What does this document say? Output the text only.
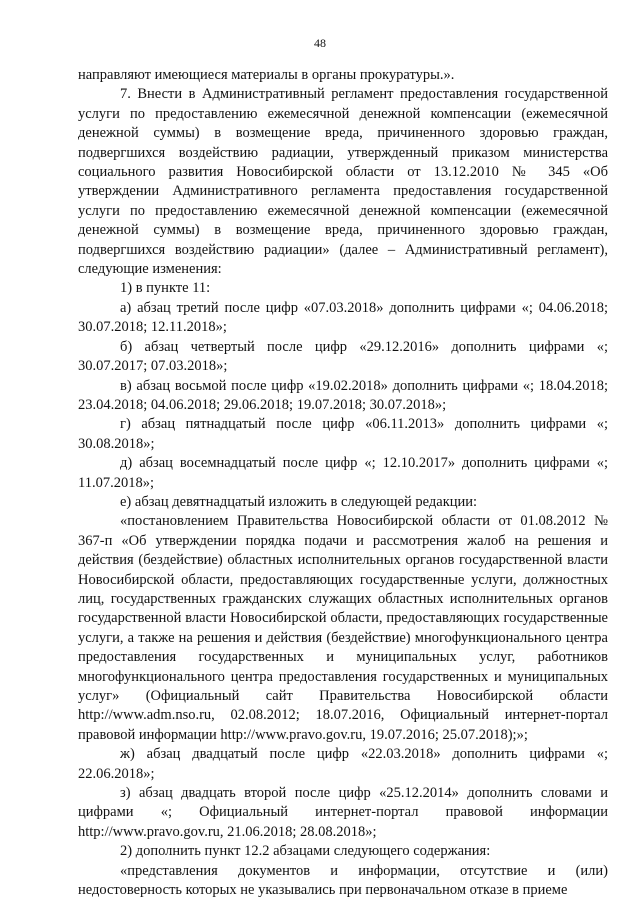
48

направляют имеющиеся материалы в органы прокуратуры.».

7. Внести в Административный регламент предоставления государственной услуги по предоставлению ежемесячной денежной компенсации (ежемесячной денежной суммы) в возмещение вреда, причиненного здоровью граждан, подвергшихся воздействию радиации, утвержденный приказом министерства социального развития Новосибирской области от 13.12.2010 № 345 «Об утверждении Административного регламента предоставления государственной услуги по предоставлению ежемесячной денежной компенсации (ежемесячной денежной суммы) в возмещение вреда, причиненного здоровью граждан, подвергшихся воздействию радиации» (далее – Административный регламент), следующие изменения:

1) в пункте 11:

а) абзац третий после цифр «07.03.2018» дополнить цифрами «; 04.06.2018; 30.07.2018; 12.11.2018»;

б) абзац четвертый после цифр «29.12.2016» дополнить цифрами «; 30.07.2017; 07.03.2018»;

в) абзац восьмой после цифр «19.02.2018» дополнить цифрами «; 18.04.2018; 23.04.2018; 04.06.2018; 29.06.2018; 19.07.2018; 30.07.2018»;

г) абзац пятнадцатый после цифр «06.11.2013» дополнить цифрами «; 30.08.2018»;

д) абзац восемнадцатый после цифр «; 12.10.2017» дополнить цифрами «; 11.07.2018»;

е) абзац девятнадцатый изложить в следующей редакции:

«постановлением Правительства Новосибирской области от 01.08.2012 № 367-п «Об утверждении порядка подачи и рассмотрения жалоб на решения и действия (бездействие) областных исполнительных органов государственной власти Новосибирской области, предоставляющих государственные услуги, должностных лиц, государственных гражданских служащих областных исполнительных органов государственной власти Новосибирской области, предоставляющих государственные услуги, а также на решения и действия (бездействие) многофункционального центра предоставления государственных и муниципальных услуг, работников многофункционального центра предоставления государственных и муниципальных услуг» (Официальный сайт Правительства Новосибирской области http://www.adm.nso.ru, 02.08.2012; 18.07.2016, Официальный интернет-портал правовой информации http://www.pravo.gov.ru, 19.07.2016; 25.07.2018);»;

ж) абзац двадцатый после цифр «22.03.2018» дополнить цифрами «; 22.06.2018»;

з) абзац двадцать второй после цифр «25.12.2014» дополнить словами и цифрами «; Официальный интернет-портал правовой информации http://www.pravo.gov.ru, 21.06.2018; 28.08.2018»;

2) дополнить пункт 12.2 абзацами следующего содержания:

«представления документов и информации, отсутствие и (или) недостоверность которых не указывались при первоначальном отказе в приеме
